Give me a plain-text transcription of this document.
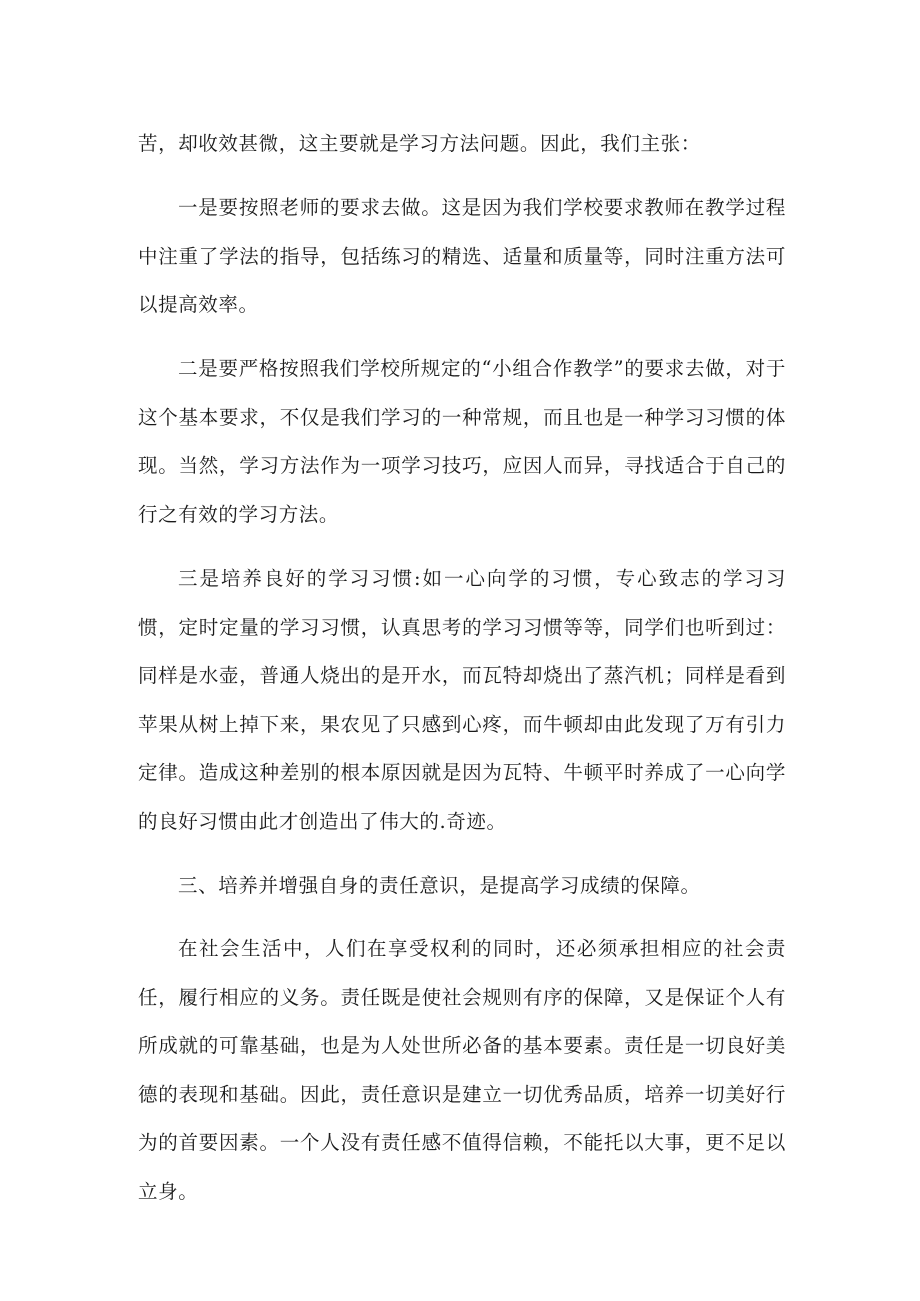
苦，却收效甚微，这主要就是学习方法问题。因此，我们主张：

一是要按照老师的要求去做。这是因为我们学校要求教师在教学过程中注重了学法的指导，包括练习的精选、适量和质量等，同时注重方法可以提高效率。

二是要严格按照我们学校所规定的“小组合作教学”的要求去做，对于这个基本要求，不仅是我们学习的一种常规，而且也是一种学习习惯的体现。当然，学习方法作为一项学习技巧，应因人而异，寻找适合于自己的行之有效的学习方法。

三是培养良好的学习习惯:如一心向学的习惯，专心致志的学习习惯，定时定量的学习习惯，认真思考的学习习惯等等，同学们也听到过：同样是水壶，普通人烧出的是开水，而瓦特却烧出了蒸汽机；同样是看到苹果从树上掉下来，果农见了只感到心疼，而牛顿却由此发现了万有引力定律。造成这种差别的根本原因就是因为瓦特、牛顿平时养成了一心向学的良好习惯由此才创造出了伟大的.奇迹。

三、培养并增强自身的责任意识，是提高学习成绩的保障。

在社会生活中，人们在享受权利的同时，还必须承担相应的社会责任，履行相应的义务。责任既是使社会规则有序的保障，又是保证个人有所成就的可靠基础，也是为人处世所必备的基本要素。责任是一切良好美德的表现和基础。因此，责任意识是建立一切优秀品质，培养一切美好行为的首要因素。一个人没有责任感不值得信赖，不能托以大事，更不足以立身。
